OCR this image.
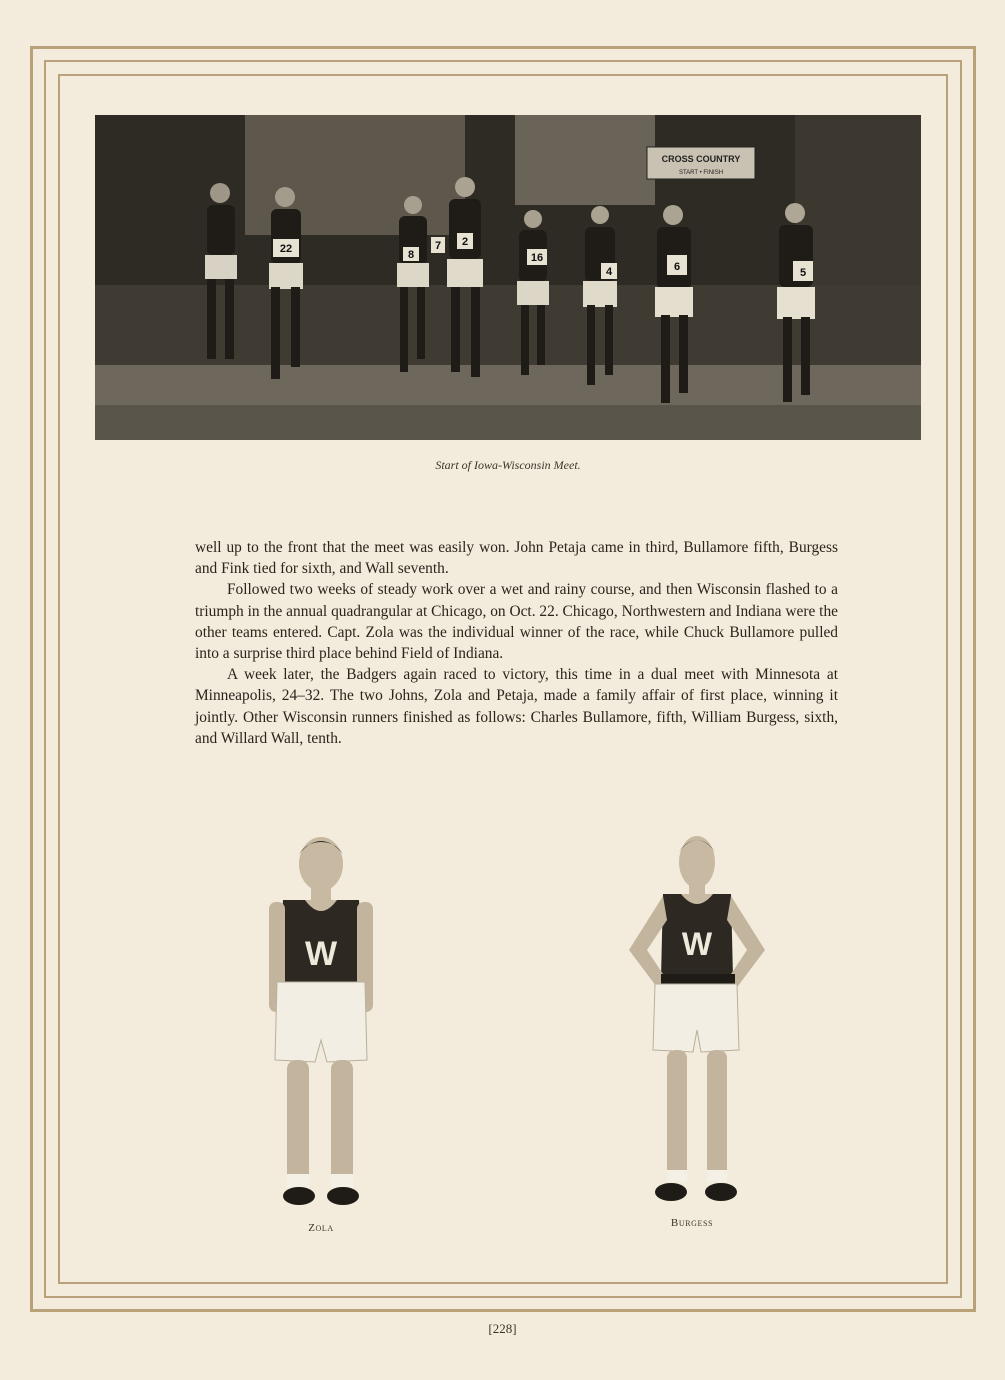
CROSS COUNTRY
START • FINISH
22	8
7 2
16
4	6	5
Start of Iowa-Wisconsin Meet.

well up to the front that the meet was easily won. John Petaja came in third, Bullamore fifth, Burgess and Fink tied for sixth, and Wall seventh.

Followed two weeks of steady work over a wet and rainy course, and then Wisconsin flashed to a triumph in the annual quadrangular at Chicago, on Oct. 22. Chicago, Northwestern and Indiana were the other teams entered. Capt. Zola was the individual winner of the race, while Chuck Bullamore pulled into a surprise third place behind Field of Indiana.

A week later, the Badgers again raced to victory, this time in a dual meet with Minnesota at Minneapolis, 24–32. The two Johns, Zola and Petaja, made a family affair of first place, winning it jointly. Other Wisconsin runners finished as follows: Charles Bullamore, fifth, William Burgess, sixth, and Willard Wall, tenth.

W
Zola
W
Burgess
[228]
